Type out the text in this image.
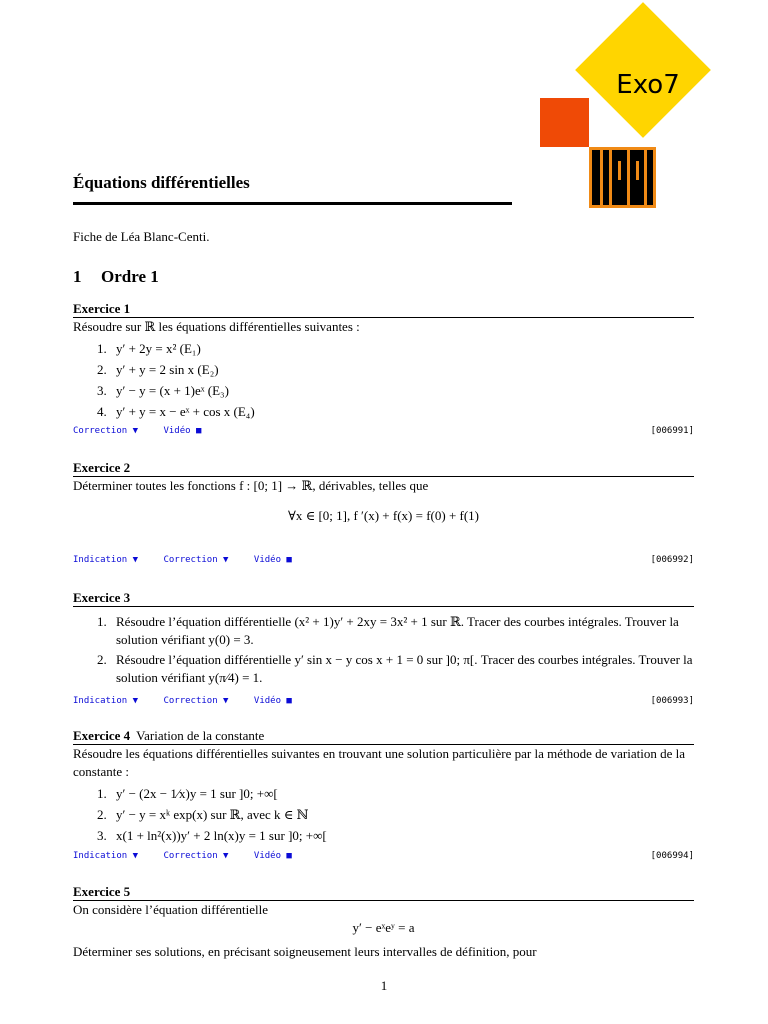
Exo7
Équations différentielles
Fiche de Léa Blanc-Centi.
1 Ordre 1
Exercice 1
Résoudre sur ℝ les équations différentielles suivantes :
1. y′ + 2y = x² (E₁)
2. y′ + y = 2 sin x (E₂)
3. y′ − y = (x + 1)eˣ (E₃)
4. y′ + y = x − eˣ + cos x (E₄)
Correction ▼	Vidéo ■	[006991]
Exercice 2
Déterminer toutes les fonctions f : [0; 1] → ℝ, dérivables, telles que
∀x ∈ [0; 1], f ′(x) + f(x) = f(0) + f(1)
Indication ▼	Correction ▼	Vidéo ■	[006992]
Exercice 3
1. Résoudre l’équation différentielle (x² + 1)y′ + 2xy = 3x² + 1 sur ℝ. Tracer des courbes intégrales. Trouver la solution vérifiant y(0) = 3.
2. Résoudre l’équation différentielle y′ sin x − y cos x + 1 = 0 sur ]0; π[. Tracer des courbes intégrales. Trouver la solution vérifiant y(π⁄4) = 1.
Indication ▼	Correction ▼	Vidéo ■	[006993]
Exercice 4 Variation de la constante
Résoudre les équations différentielles suivantes en trouvant une solution particulière par la méthode de variation de la constante :
1. y′ − (2x − 1⁄x)y = 1 sur ]0; +∞[
2. y′ − y = xᵏ exp(x) sur ℝ, avec k ∈ ℕ
3. x(1 + ln²(x))y′ + 2 ln(x)y = 1 sur ]0; +∞[
Indication ▼	Correction ▼	Vidéo ■	[006994]
Exercice 5
On considère l’équation différentielle
y′ − eˣeʸ = a
Déterminer ses solutions, en précisant soigneusement leurs intervalles de définition, pour
1
